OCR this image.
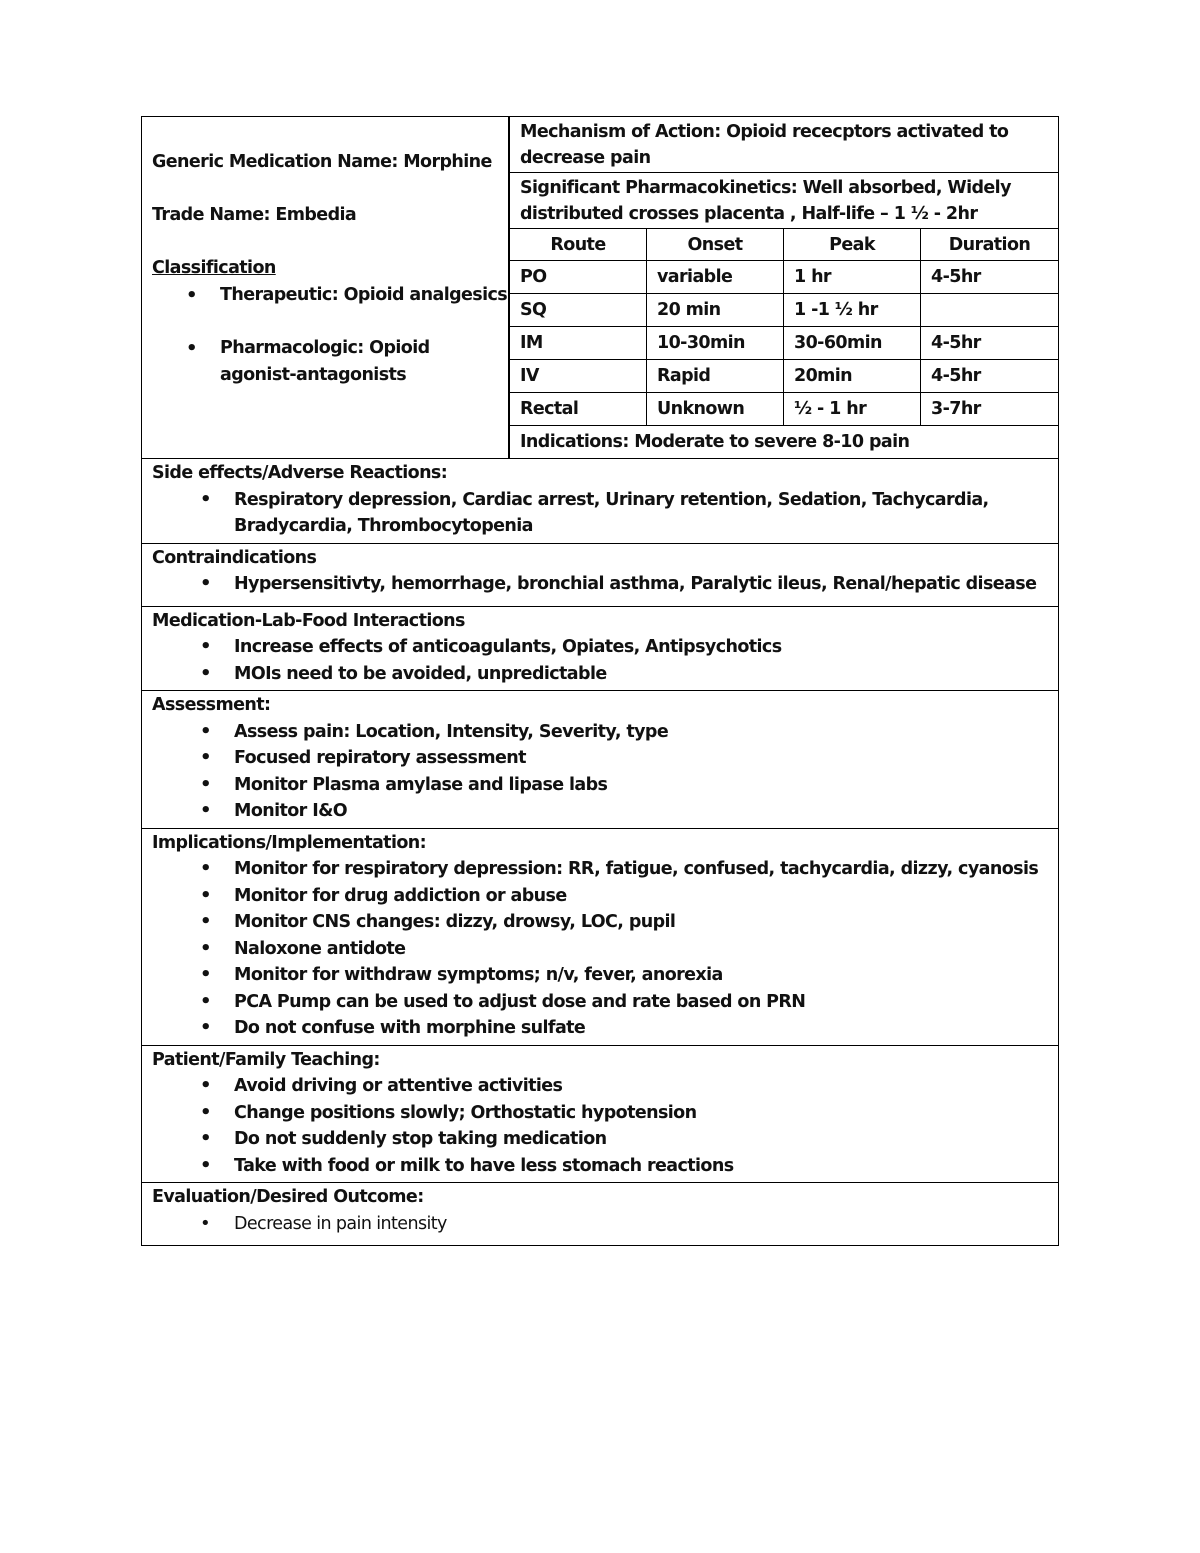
Generic Medication Name: Morphine
Trade Name: Embedia
Classification
• Therapeutic: Opioid analgesics
• Pharmacologic: Opioid agonist-antagonists

Mechanism of Action: Opioid rececptors activated to decrease pain
Significant Pharmacokinetics: Well absorbed, Widely distributed crosses placenta , Half-life – 1 ½ - 2hr
Route	Onset	Peak	Duration
PO	variable	1 hr	4-5hr
SQ	20 min	1 -1 ½ hr	
IM	10-30min	30-60min	4-5hr
IV	Rapid	20min	4-5hr
Rectal	Unknown	½ - 1 hr	3-7hr
Indications: Moderate to severe 8-10 pain

Side effects/Adverse Reactions:
• Respiratory depression, Cardiac arrest, Urinary retention, Sedation, Tachycardia, Bradycardia, Thrombocytopenia

Contraindications
• Hypersensitivty, hemorrhage, bronchial asthma, Paralytic ileus, Renal/hepatic disease

Medication-Lab-Food Interactions
• Increase effects of anticoagulants, Opiates, Antipsychotics
• MOIs need to be avoided, unpredictable

Assessment:
• Assess pain: Location, Intensity, Severity, type
• Focused repiratory assessment
• Monitor Plasma amylase and lipase labs
• Monitor I&O

Implications/Implementation:
• Monitor for respiratory depression: RR, fatigue, confused, tachycardia, dizzy, cyanosis
• Monitor for drug addiction or abuse
• Monitor CNS changes: dizzy, drowsy, LOC, pupil
• Naloxone antidote
• Monitor for withdraw symptoms; n/v, fever, anorexia
• PCA Pump can be used to adjust dose and rate based on PRN
• Do not confuse with morphine sulfate

Patient/Family Teaching:
• Avoid driving or attentive activities
• Change positions slowly; Orthostatic hypotension
• Do not suddenly stop taking medication
• Take with food or milk to have less stomach reactions

Evaluation/Desired Outcome:
• Decrease in pain intensity
